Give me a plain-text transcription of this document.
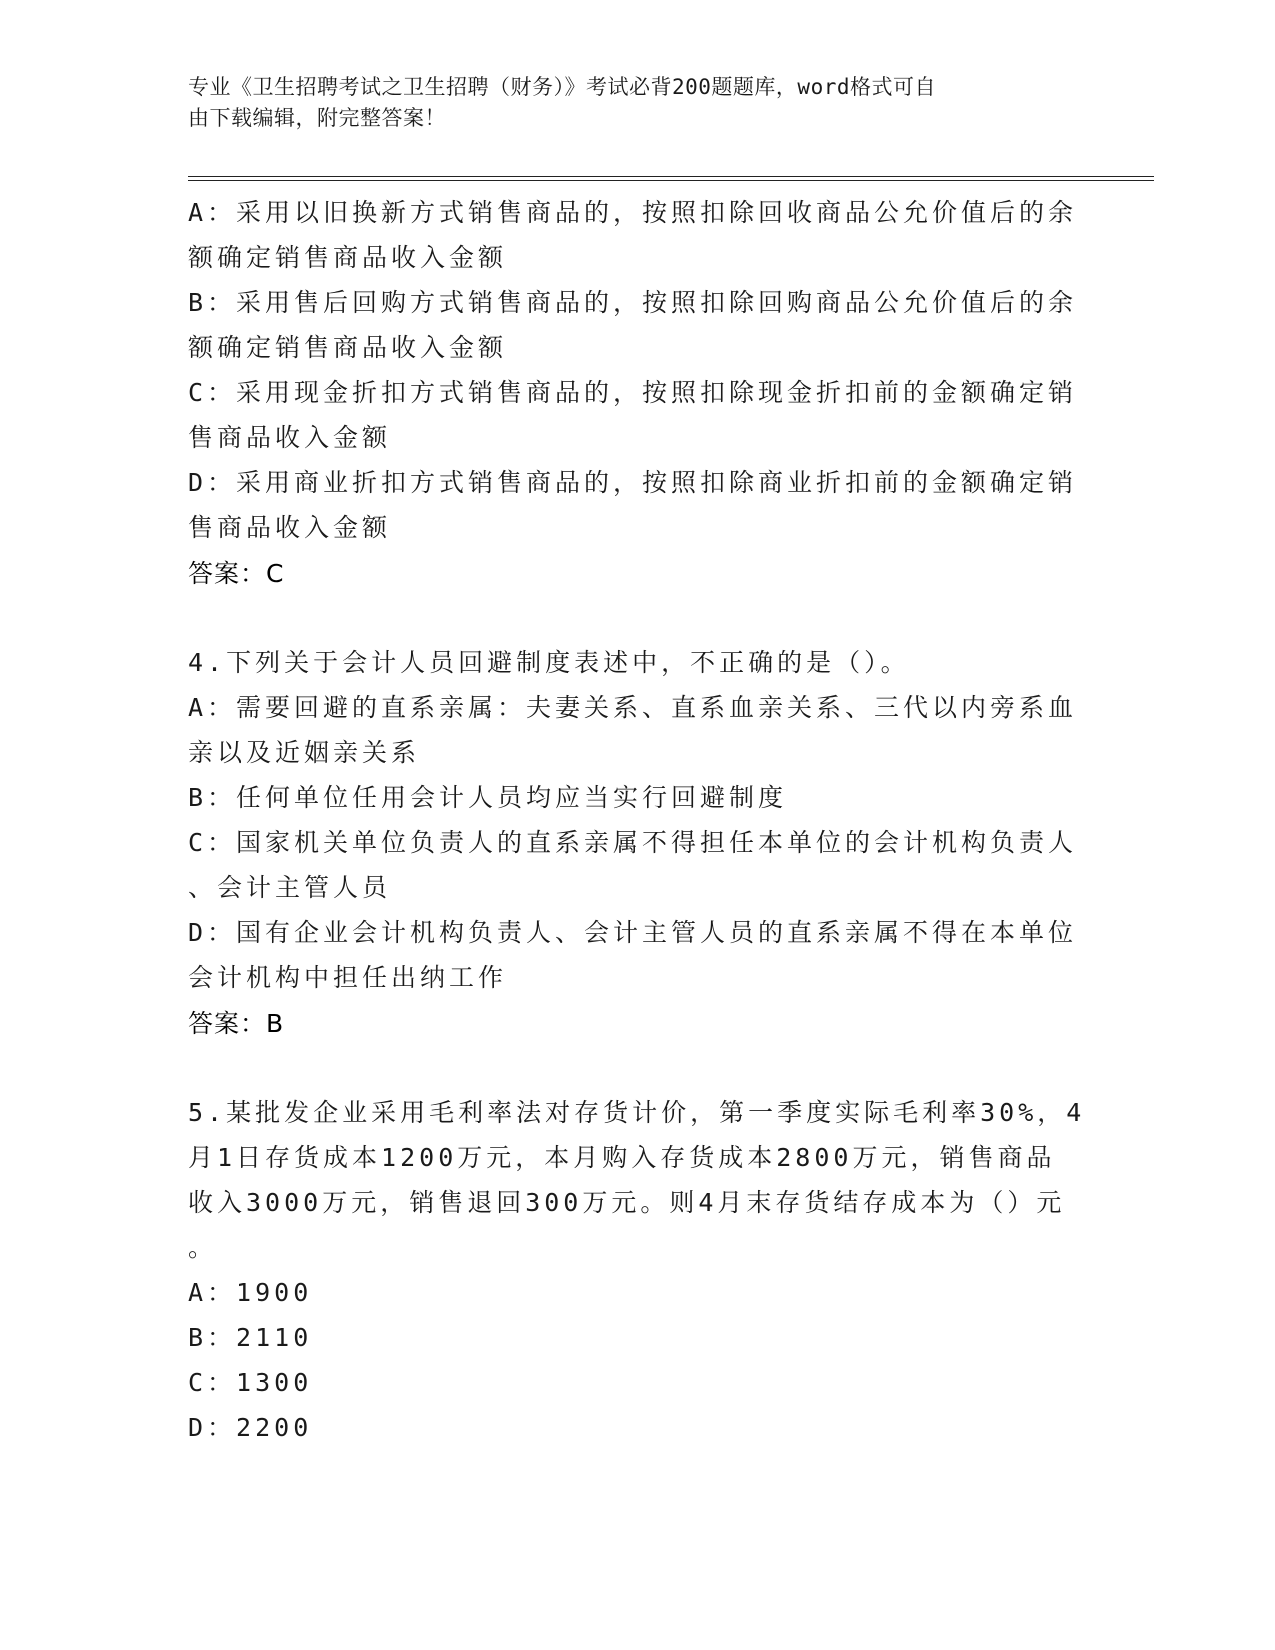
专业《卫生招聘考试之卫生招聘（财务）》考试必背200题题库，word格式可自
由下载编辑，附完整答案！
A：采用以旧换新方式销售商品的，按照扣除回收商品公允价值后的余
额确定销售商品收入金额
B：采用售后回购方式销售商品的，按照扣除回购商品公允价值后的余
额确定销售商品收入金额
C：采用现金折扣方式销售商品的，按照扣除现金折扣前的金额确定销
售商品收入金额
D：采用商业折扣方式销售商品的，按照扣除商业折扣前的金额确定销
售商品收入金额
答案：C
4.下列关于会计人员回避制度表述中，不正确的是（）。
A：需要回避的直系亲属：夫妻关系、直系血亲关系、三代以内旁系血
亲以及近姻亲关系
B：任何单位任用会计人员均应当实行回避制度
C：国家机关单位负责人的直系亲属不得担任本单位的会计机构负责人
、会计主管人员
D：国有企业会计机构负责人、会计主管人员的直系亲属不得在本单位
会计机构中担任出纳工作
答案：B
5.某批发企业采用毛利率法对存货计价，第一季度实际毛利率30%，4
月1日存货成本1200万元，本月购入存货成本2800万元，销售商品
收入3000万元，销售退回300万元。则4月末存货结存成本为（）元
。
A：1900
B：2110
C：1300
D：2200
